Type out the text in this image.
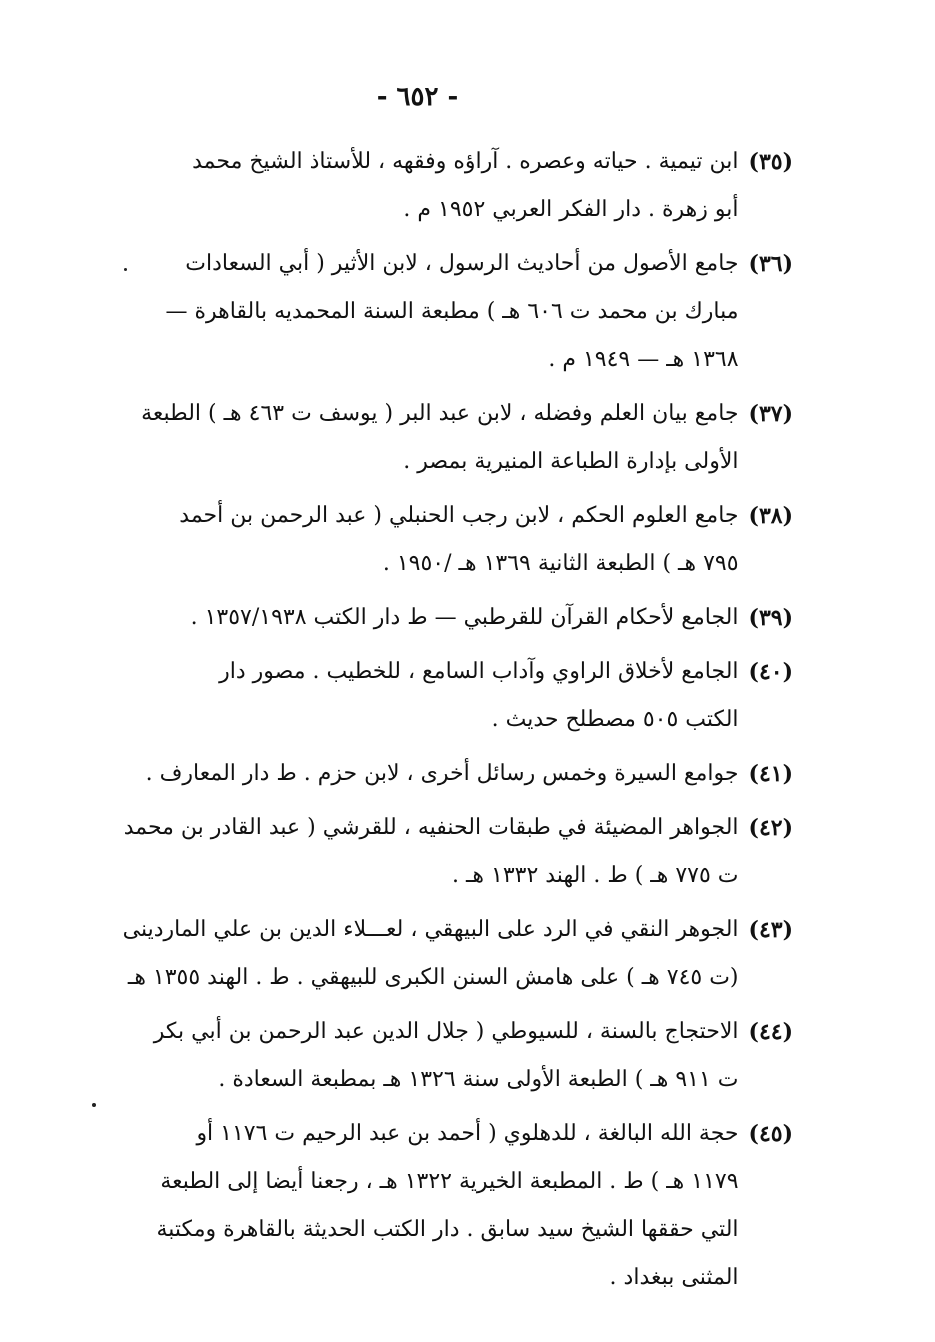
- ٦٥٢ -
(٣٥)
ابن تيمية . حياته وعصره . آراؤه وفقهه ، للأستاذ الشيخ محمد
أبو زهرة . دار الفكر العربي ١٩٥٢ م .
(٣٦)
جامع الأصول من أحاديث الرسول ، لابن الأثير ( أبي السعادات
مبارك بن محمد ت ٦٠٦ هـ ) مطبعة السنة المحمديه بالقاهرة —
١٣٦٨ هـ — ١٩٤٩ م .
(٣٧)
جامع بيان العلم وفضله ، لابن عبد البر ( يوسف ت ٤٦٣ هـ ) الطبعة
الأولى بإدارة الطباعة المنيرية بمصر .
(٣٨)
جامع العلوم الحكم ، لابن رجب الحنبلي ( عبد الرحمن بن أحمد
٧٩٥ هـ ) الطبعة الثانية ١٣٦٩ هـ /١٩٥٠ .
(٣٩)
الجامع لأحكام القرآن للقرطبي — ط دار الكتب ١٣٥٧/١٩٣٨ .
(٤٠)
الجامع لأخلاق الراوي وآداب السامع ، للخطيب . مصور دار
الكتب ٥٠٥ مصطلح حديث .
(٤١)
جوامع السيرة وخمس رسائل أخرى ، لابن حزم . ط دار المعارف .
(٤٢)
الجواهر المضيئة في طبقات الحنفيه ، للقرشي ( عبد القادر بن محمد
ت ٧٧٥ هـ ) ط . الهند ١٣٣٢ هـ .
(٤٣)
الجوهر النقي في الرد على البيهقي ، لعـــلاء الدين بن علي الماردينى
(ت ٧٤٥ هـ ) على هامش السنن الكبرى للبيهقي . ط . الهند ١٣٥٥ هـ
(٤٤)
الاحتجاج بالسنة ، للسيوطي ( جلال الدين عبد الرحمن بن أبي بكر
ت ٩١١ هـ ) الطبعة الأولى سنة ١٣٢٦ هـ بمطبعة السعادة .
(٤٥)
حجة الله البالغة ، للدهلوي ( أحمد بن عبد الرحيم ت ١١٧٦ أو
١١٧٩ هـ ) ط . المطبعة الخيرية ١٣٢٢ هـ ، رجعنا أيضا إلى الطبعة
التي حققها الشيخ سيد سابق . دار الكتب الحديثة بالقاهرة ومكتبة
المثنى ببغداد .
